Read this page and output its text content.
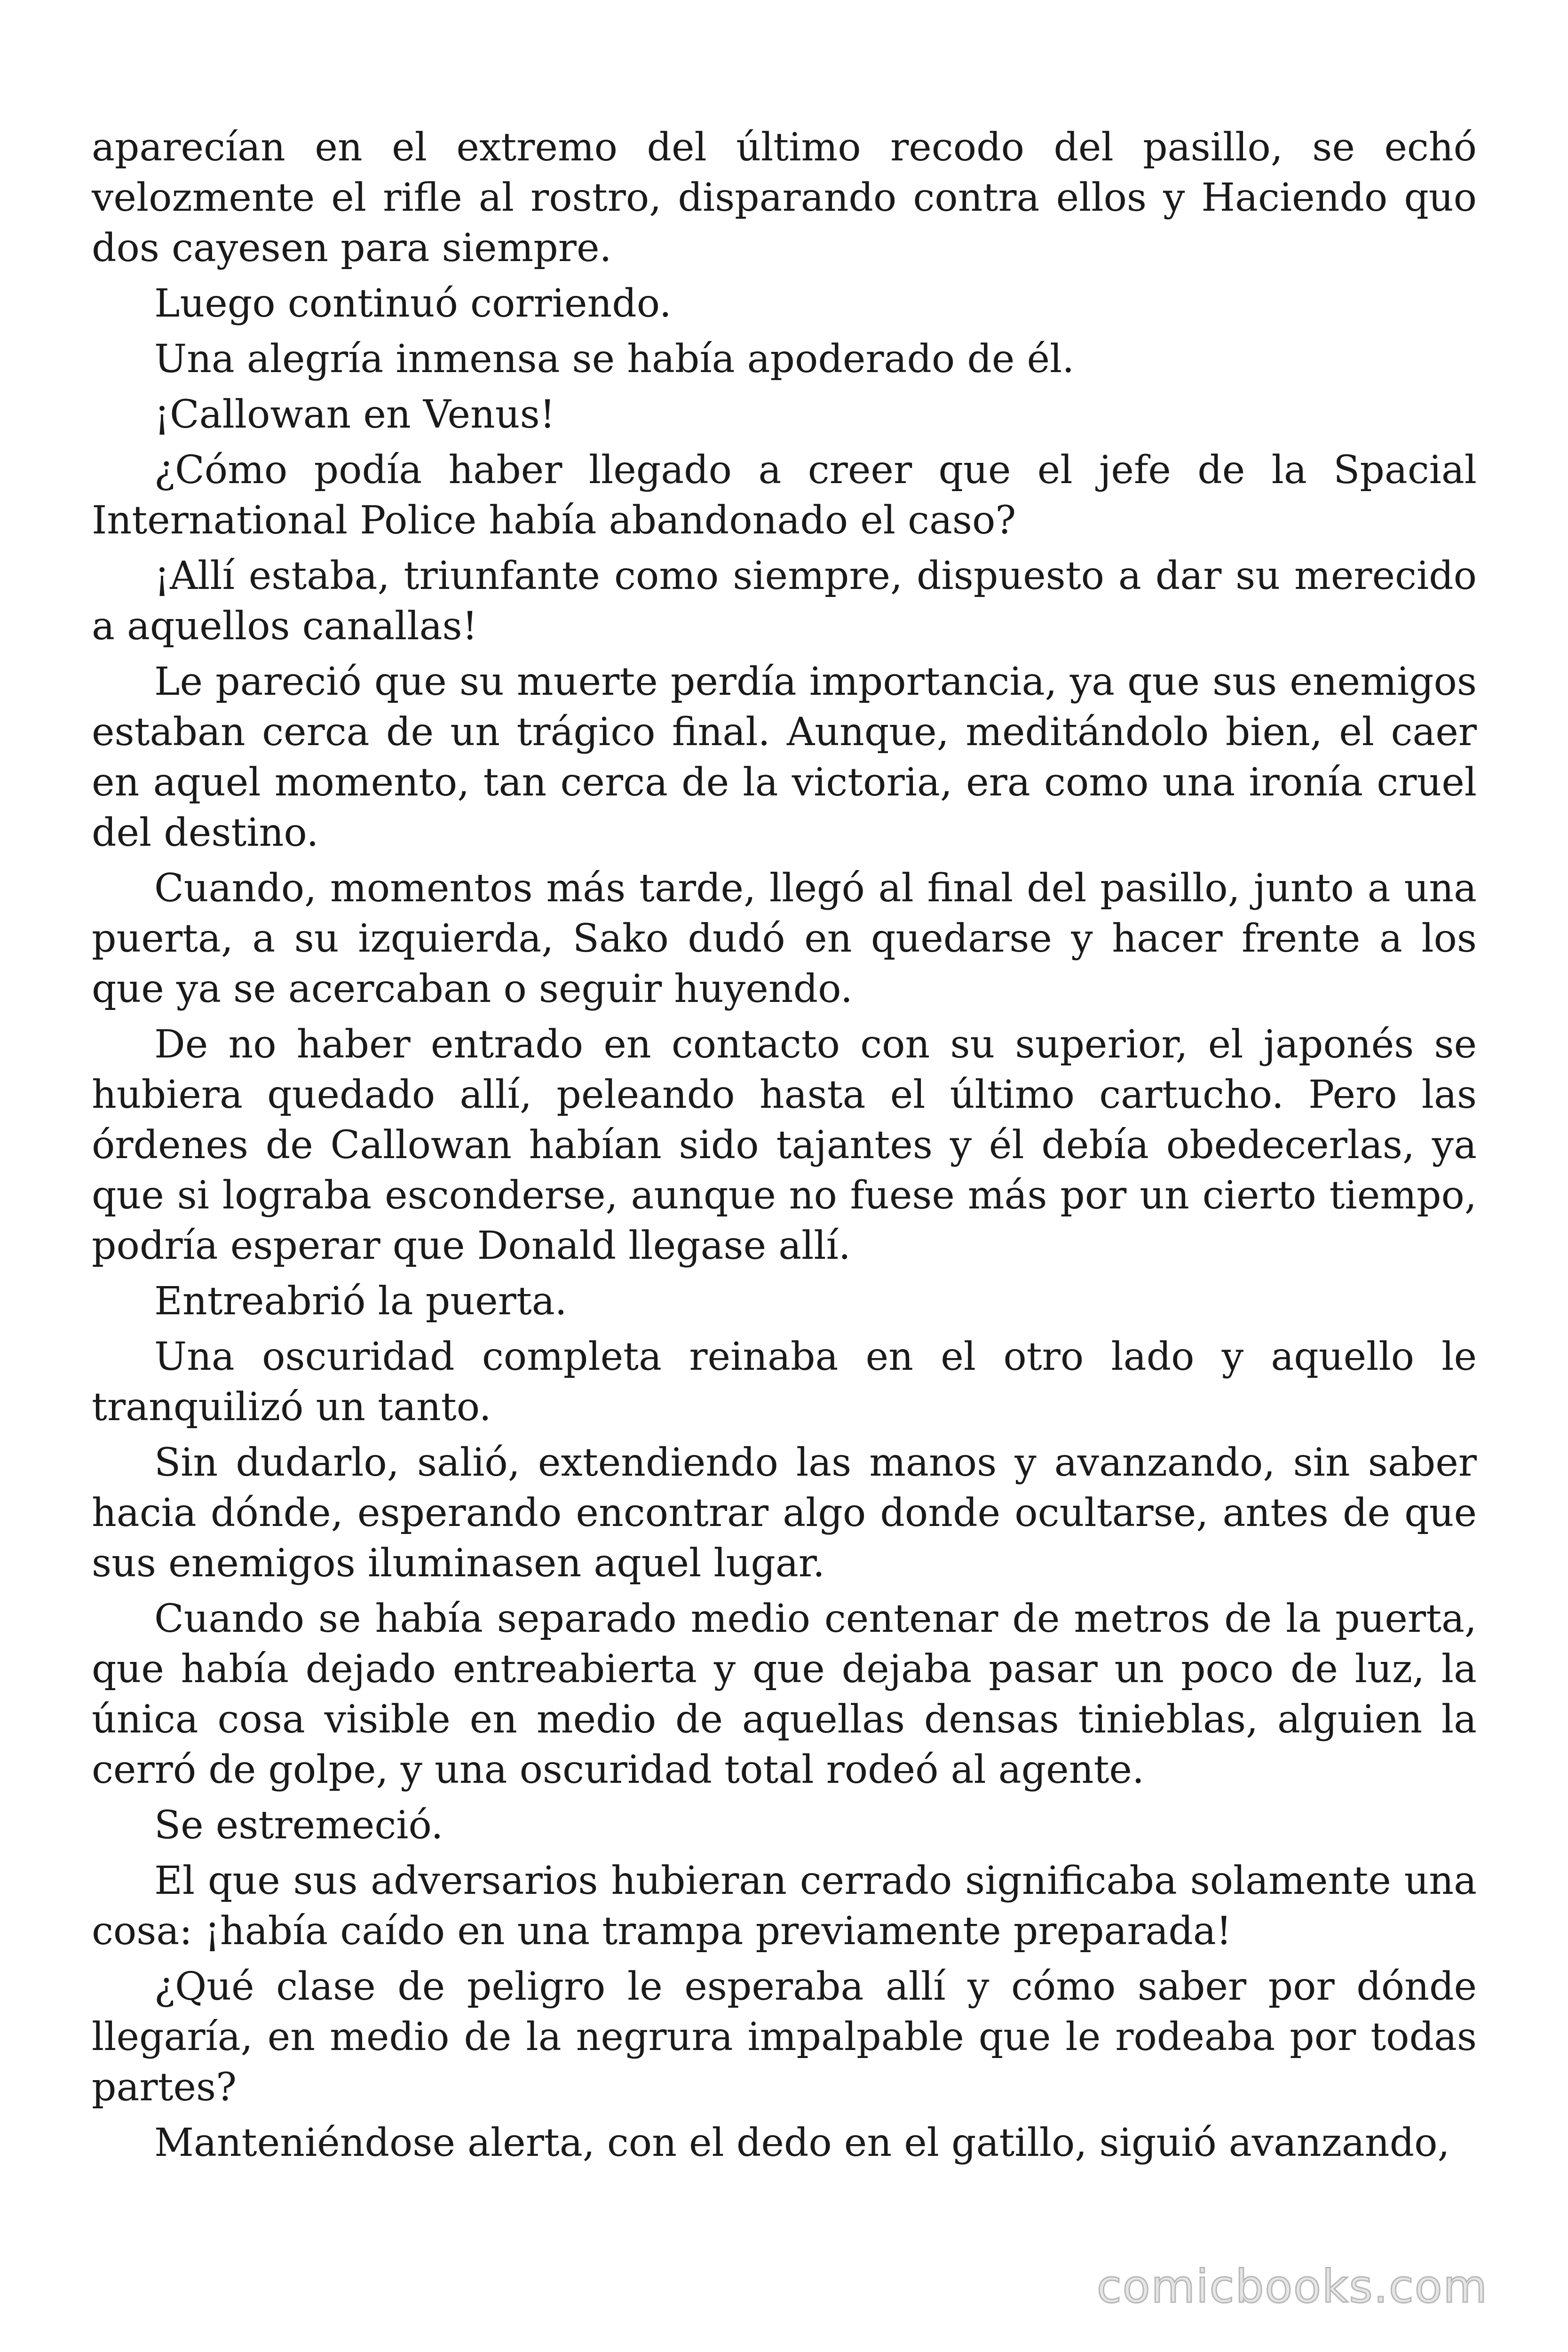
aparecían en el extremo del último recodo del pasillo, se echó velozmente el rifle al rostro, disparando contra ellos y Haciendo quo dos cayesen para siempre.

Luego continuó corriendo.

Una alegría inmensa se había apoderado de él.

¡Callowan en Venus!

¿Cómo podía haber llegado a creer que el jefe de la Spacial International Police había abandonado el caso?

¡Allí estaba, triunfante como siempre, dispuesto a dar su merecido a aquellos canallas!

Le pareció que su muerte perdía importancia, ya que sus enemigos estaban cerca de un trágico final. Aunque, meditándolo bien, el caer en aquel momento, tan cerca de la victoria, era como una ironía cruel del destino.

Cuando, momentos más tarde, llegó al final del pasillo, junto a una puerta, a su izquierda, Sako dudó en quedarse y hacer frente a los que ya se acercaban o seguir huyendo.

De no haber entrado en contacto con su superior, el japonés se hubiera quedado allí, peleando hasta el último cartucho. Pero las órdenes de Callowan habían sido tajantes y él debía obedecerlas, ya que si lograba esconderse, aunque no fuese más por un cierto tiempo, podría esperar que Donald llegase allí.

Entreabrió la puerta.

Una oscuridad completa reinaba en el otro lado y aquello le tranquilizó un tanto.

Sin dudarlo, salió, extendiendo las manos y avanzando, sin saber hacia dónde, esperando encontrar algo donde ocultarse, antes de que sus enemigos iluminasen aquel lugar.

Cuando se había separado medio centenar de metros de la puerta, que había dejado entreabierta y que dejaba pasar un poco de luz, la única cosa visible en medio de aquellas densas tinieblas, alguien la cerró de golpe, y una oscuridad total rodeó al agente.

Se estremeció.

El que sus adversarios hubieran cerrado significaba solamente una cosa: ¡había caído en una trampa previamente preparada!

¿Qué clase de peligro le esperaba allí y cómo saber por dónde llegaría, en medio de la negrura impalpable que le rodeaba por todas partes?

Manteniéndose alerta, con el dedo en el gatillo, siguió avanzando,

comicbooks.com
